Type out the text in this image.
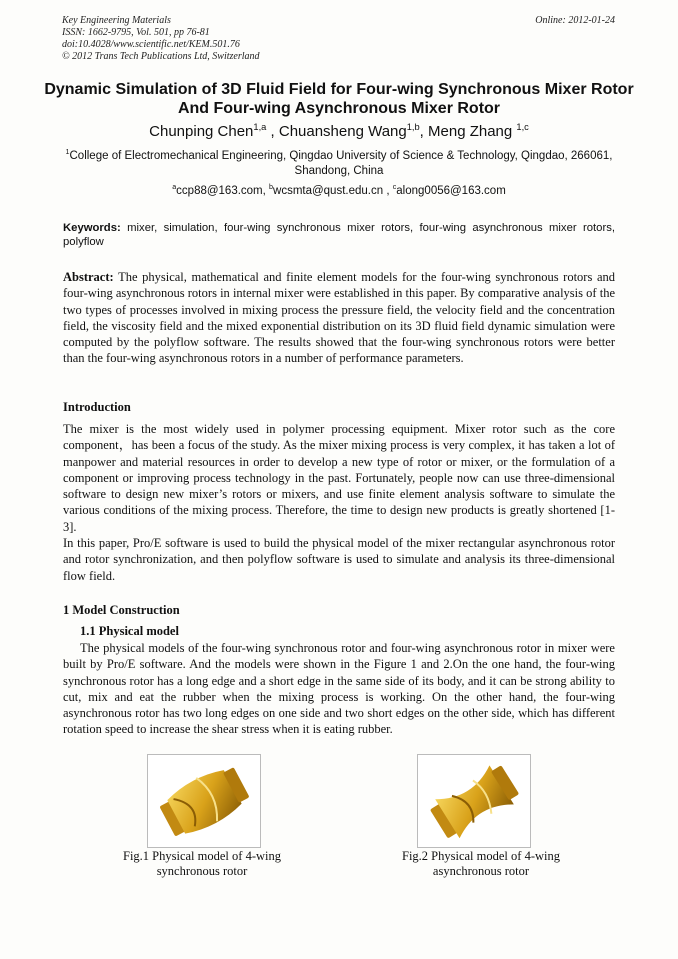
Key Engineering Materials
ISSN: 1662-9795, Vol. 501, pp 76-81
doi:10.4028/www.scientific.net/KEM.501.76
© 2012 Trans Tech Publications Ltd, Switzerland
Online: 2012-01-24
Dynamic Simulation of 3D Fluid Field for Four-wing Synchronous Mixer Rotor And Four-wing Asynchronous Mixer Rotor
Chunping Chen$^{1,a}$ , Chuansheng Wang$^{1,b}$, Meng Zhang $^{1,c}$
$^1$College of Electromechanical Engineering, Qingdao University of Science & Technology, Qingdao, 266061, Shandong, China
$^a$ccp88@163.com, $^b$wcsmta@qust.edu.cn , $^c$along0056@163.com
Keywords: mixer, simulation, four-wing synchronous mixer rotors, four-wing asynchronous mixer rotors, polyflow
Abstract: The physical, mathematical and finite element models for the four-wing synchronous rotors and four-wing asynchronous rotors in internal mixer were established in this paper. By comparative analysis of the two types of processes involved in mixing process the pressure field, the velocity field and the concentration field, the viscosity field and the mixed exponential distribution on its 3D fluid field dynamic simulation were computed by the polyflow software. The results showed that the four-wing synchronous rotors were better than the four-wing asynchronous rotors in a number of performance parameters.
Introduction
The mixer is the most widely used in polymer processing equipment. Mixer rotor such as the core component，has been a focus of the study. As the mixer mixing process is very complex, it has taken a lot of manpower and material resources in order to develop a new type of rotor or mixer, or the formulation of a component or improving process technology in the past. Fortunately, people now can use three-dimensional software to design new mixer’s rotors or mixers, and use finite element analysis software to simulate the various conditions of the mixing process. Therefore, the time to design new products is greatly shortened [1-3].
In this paper, Pro/E software is used to build the physical model of the mixer rectangular asynchronous rotor and rotor synchronization, and then polyflow software is used to simulate and analysis its three-dimensional flow field.
1 Model Construction
1.1 Physical model
The physical models of the four-wing synchronous rotor and four-wing asynchronous rotor in mixer were built by Pro/E software. And the models were shown in the Figure 1 and 2.On the one hand, the four-wing synchronous rotor has a long edge and a short edge in the same side of its body, and it can be strong ability to cut, mix and eat the rubber when the mixing process is working. On the other hand, the four-wing asynchronous rotor has two long edges on one side and two short edges on the other side, which has different rotation speed to increase the shear stress when it is eating rubber.
Fig.1 Physical model of 4-wing
synchronous rotor
Fig.2 Physical model of 4-wing
asynchronous rotor
